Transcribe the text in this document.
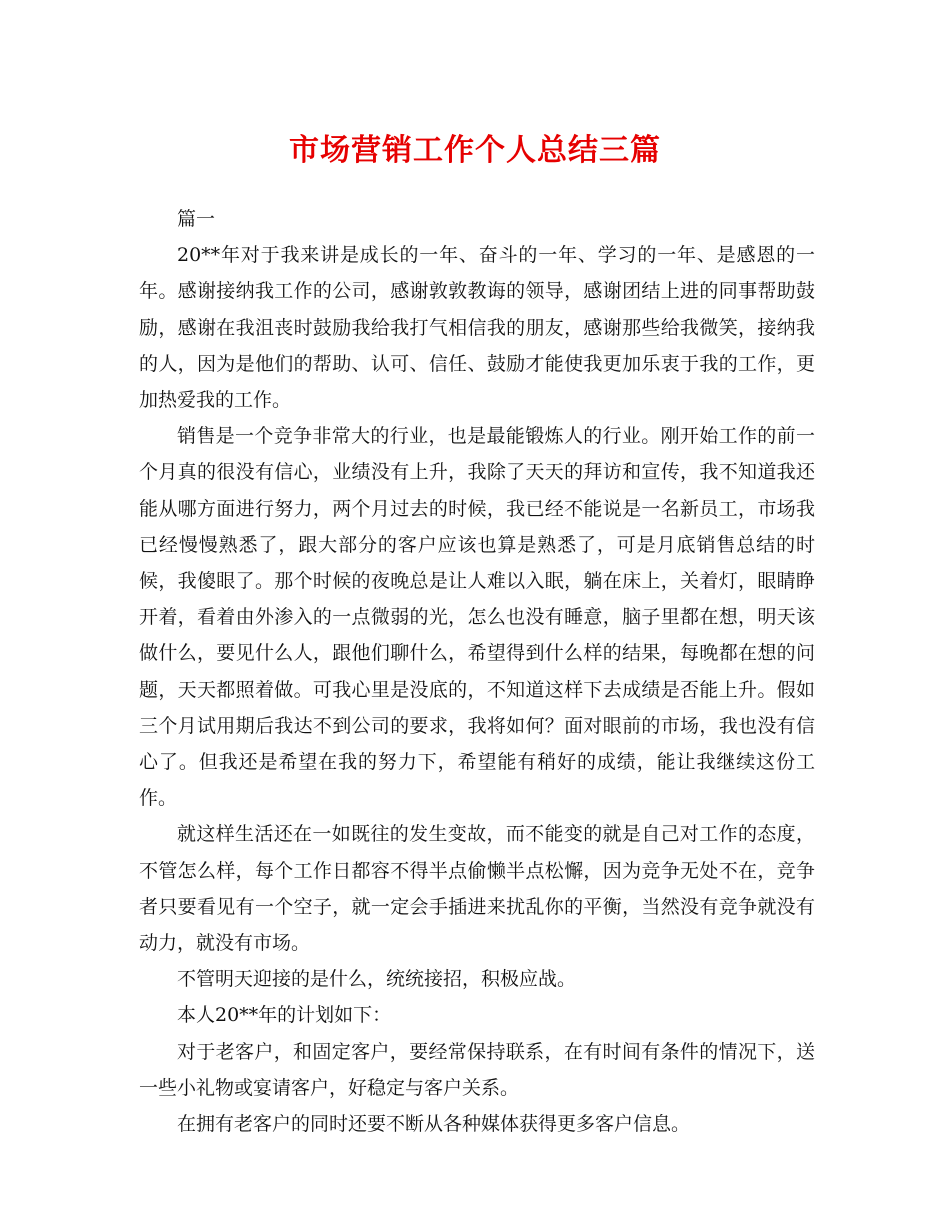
市场营销工作个人总结三篇

篇一

20**年对于我来讲是成长的一年、奋斗的一年、学习的一年、是感恩的一年。感谢接纳我工作的公司，感谢敦敦教诲的领导，感谢团结上进的同事帮助鼓励，感谢在我沮丧时鼓励我给我打气相信我的朋友，感谢那些给我微笑，接纳我的人，因为是他们的帮助、认可、信任、鼓励才能使我更加乐衷于我的工作，更加热爱我的工作。

销售是一个竞争非常大的行业，也是最能锻炼人的行业。刚开始工作的前一个月真的很没有信心，业绩没有上升，我除了天天的拜访和宣传，我不知道我还能从哪方面进行努力，两个月过去的时候，我已经不能说是一名新员工，市场我已经慢慢熟悉了，跟大部分的客户应该也算是熟悉了，可是月底销售总结的时候，我傻眼了。那个时候的夜晚总是让人难以入眠，躺在床上，关着灯，眼睛睁开着，看着由外渗入的一点微弱的光，怎么也没有睡意，脑子里都在想，明天该做什么，要见什么人，跟他们聊什么，希望得到什么样的结果，每晚都在想的问题，天天都照着做。可我心里是没底的，不知道这样下去成绩是否能上升。假如三个月试用期后我达不到公司的要求，我将如何？面对眼前的市场，我也没有信心了。但我还是希望在我的努力下，希望能有稍好的成绩，能让我继续这份工作。

就这样生活还在一如既往的发生变故，而不能变的就是自己对工作的态度，不管怎么样，每个工作日都容不得半点偷懒半点松懈，因为竞争无处不在，竞争者只要看见有一个空子，就一定会手插进来扰乱你的平衡，当然没有竞争就没有动力，就没有市场。

不管明天迎接的是什么，统统接招，积极应战。

本人20**年的计划如下：

对于老客户，和固定客户，要经常保持联系，在有时间有条件的情况下，送一些小礼物或宴请客户，好稳定与客户关系。

在拥有老客户的同时还要不断从各种媒体获得更多客户信息。
